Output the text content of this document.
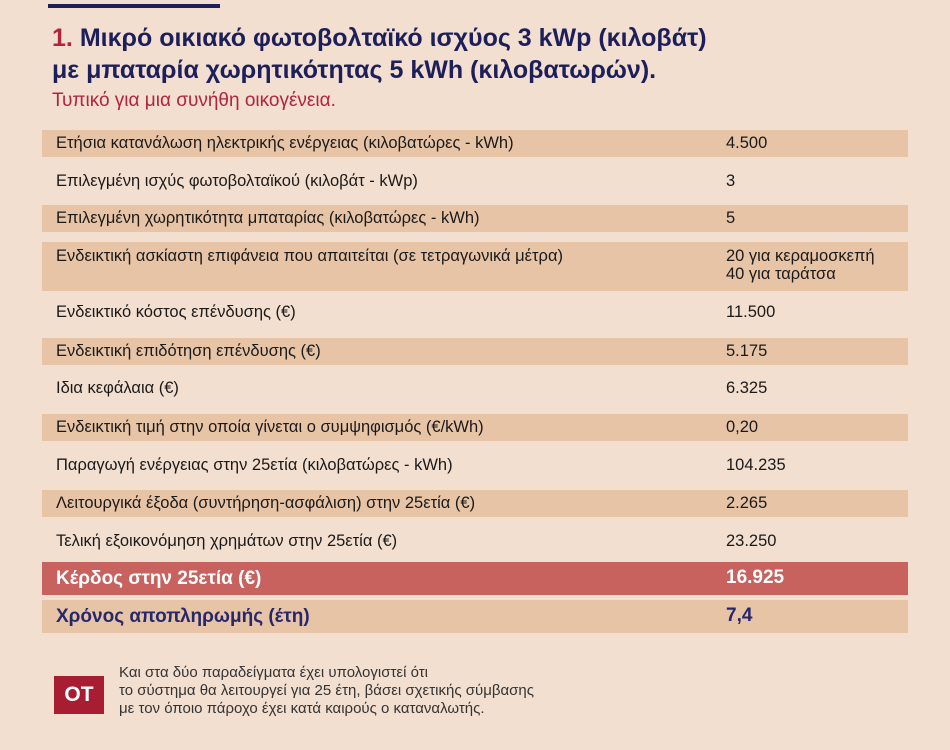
1. Μικρό οικιακό φωτοβολταϊκό ισχύος 3 kWp (κιλοβάτ)
με μπαταρία χωρητικότητας 5 kWh (κιλοβατωρών).
Τυπικό για μια συνήθη οικογένεια.
Ετήσια κατανάλωση ηλεκτρικής ενέργειας (κιλοβατώρες - kWh)	4.500
Επιλεγμένη ισχύς φωτοβολταϊκού (κιλοβάτ - kWp)	3
Επιλεγμένη χωρητικότητα μπαταρίας (κιλοβατώρες - kWh)	5
Ενδεικτική ασκίαστη επιφάνεια που απαιτείται (σε τετραγωνικά μέτρα)	20 για κεραμοσκεπή
40 για ταράτσα
Ενδεικτικό κόστος επένδυσης (€)	11.500
Ενδεικτική επιδότηση επένδυσης (€)	5.175
Ιδια κεφάλαια (€)	6.325
Ενδεικτική τιμή στην οποία γίνεται ο συμψηφισμός (€/kWh)	0,20
Παραγωγή ενέργειας στην 25ετία (κιλοβατώρες - kWh)	104.235
Λειτουργικά έξοδα (συντήρηση-ασφάλιση) στην 25ετία (€)	2.265
Τελική εξοικονόμηση χρημάτων στην 25ετία (€)	23.250
Κέρδος στην 25ετία (€)	16.925
Χρόνος αποπληρωμής (έτη)	7,4
OT
Και στα δύο παραδείγματα έχει υπολογιστεί ότι
το σύστημα θα λειτουργεί για 25 έτη, βάσει σχετικής σύμβασης
με τον όποιο πάροχο έχει κατά καιρούς ο καταναλωτής.
